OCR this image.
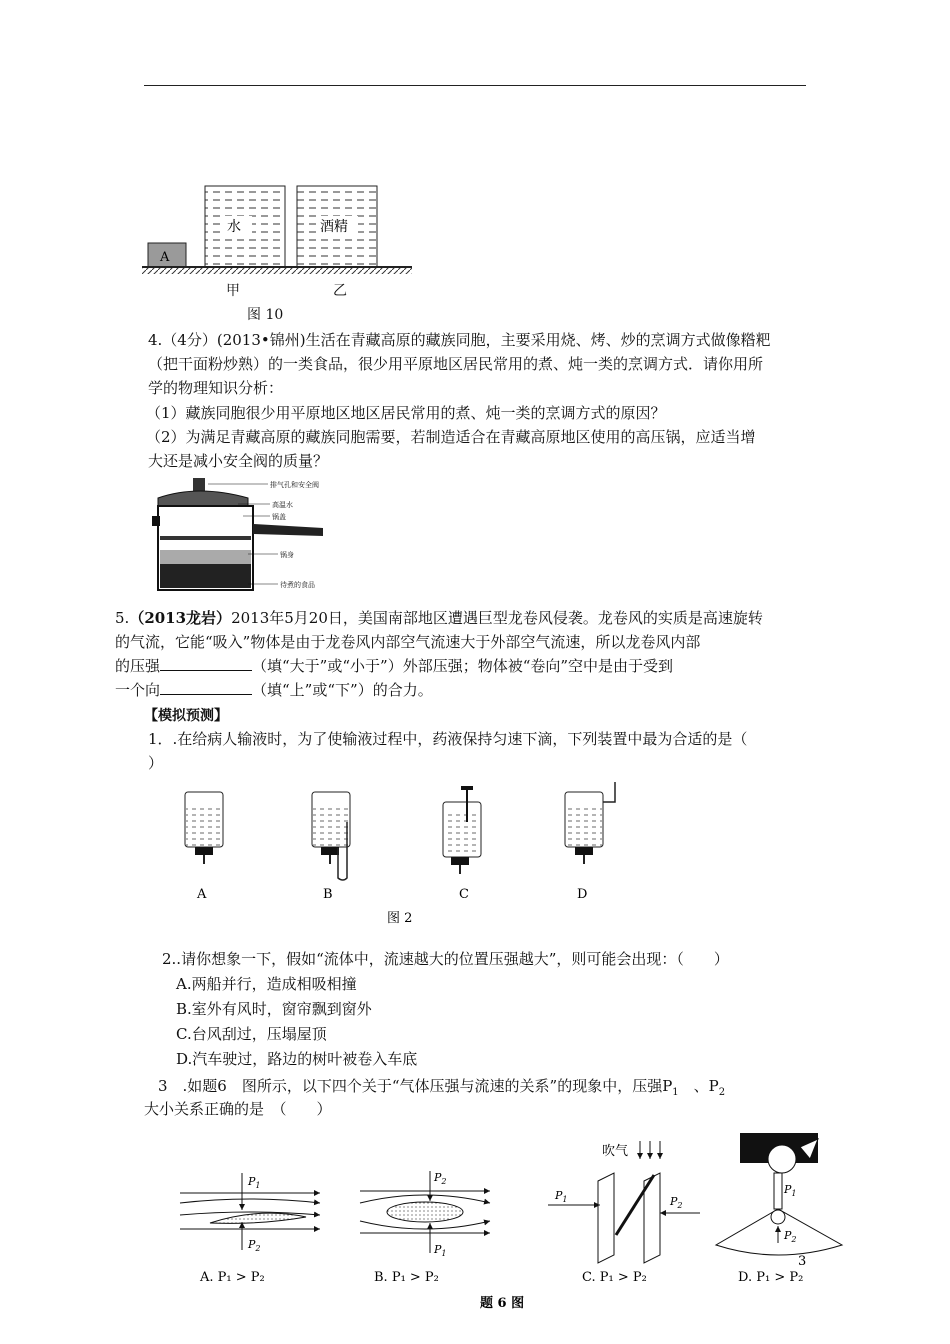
A
水	酒精
甲	乙
图 10
4.（4分）(2013•锦州)生活在青藏高原的藏族同胞，主要采用烧、烤、炒的烹调方式做像糌粑
（把干面粉炒熟）的一类食品，很少用平原地区居民常用的煮、炖一类的烹调方式．请你用所
学的物理知识分析：
（1）藏族同胞很少用平原地区地区居民常用的煮、炖一类的烹调方式的原因？
（2）为满足青藏高原的藏族同胞需要，若制造适合在青藏高原地区使用的高压锅，应适当增
大还是减小安全阀的质量？
排气孔和安全阀
高温水
锅盖
锅身
待煮的食品
5.（2013龙岩）2013年5月20日，美国南部地区遭遇巨型龙卷风侵袭。龙卷风的实质是高速旋转
的气流，它能“吸入”物体是由于龙卷风内部空气流速大于外部空气流速，所以龙卷风内部
的压强	（填“大于”或“小于”）外部压强；物体被“卷向”空中是由于受到
一个向	（填“上”或“下”）的合力。
【模拟预测】
1．.在给病人输液时，为了使输液过程中，药液保持匀速下滴，下列装置中最为合适的是（
）
A	B	C	D
图 2
2..请你想象一下，假如“流体中，流速越大的位置压强越大”，则可能会出现：（　　）
A.两船并行，造成相吸相撞
B.室外有风时，窗帘飘到窗外
C.台风刮过，压塌屋顶
D.汽车驶过，路边的树叶被卷入车底
3　.如题6　图所示，以下四个关于“气体压强与流速的关系”的现象中，压强$P_1$　、$P_2$
大小关系正确的是　（　　）
$P_1$
$P_2$
$P_2$
$P_1$
吹气
$P_1$	$P_2$
$P_1$
$P_2$
A. P₁ > P₂	B. P₁ > P₂	C. P₁ > P₂	D. P₁ > P₂
题 6 图
3
